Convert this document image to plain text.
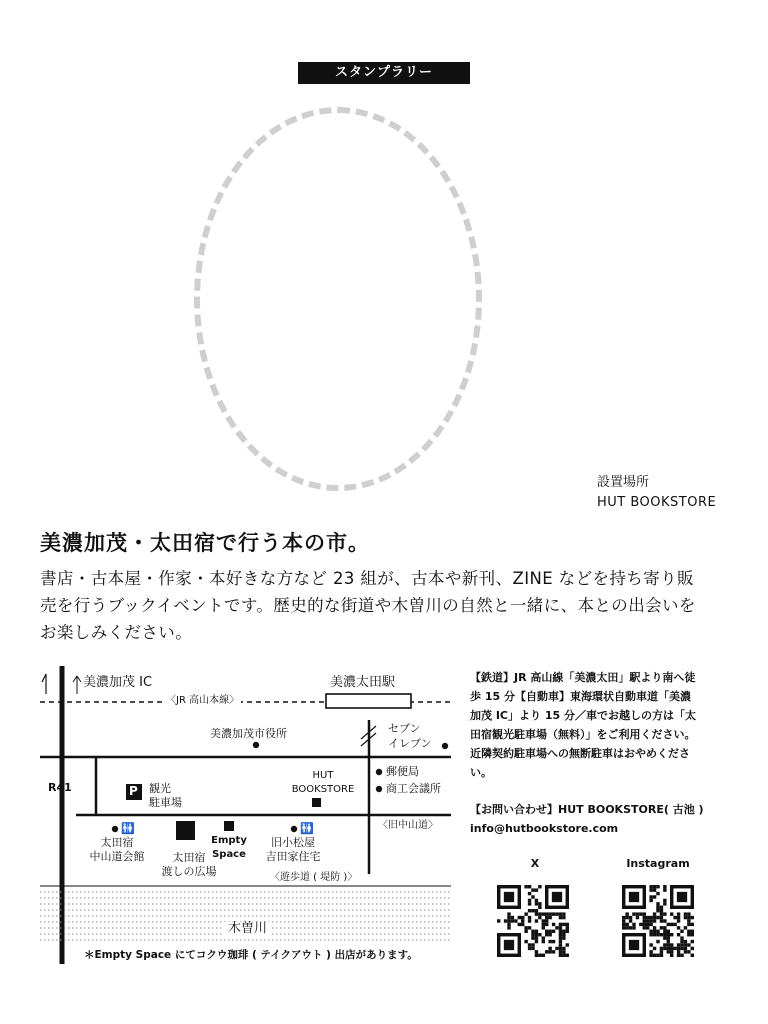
スタンプラリー
設置場所
HUT BOOKSTORE
美濃加茂・太田宿で行う本の市。

書店・古本屋・作家・本好きな方など 23 組が、古本や新刊、ZINE などを持ち寄り販

売を行うブックイベントです。歴史的な街道や木曽川の自然と一緒に、本との出会いを

お楽しみください。

美濃加茂 IC	美濃太田駅
〈JR 高山本線〉
美濃加茂市役所	セブン
イレブン
R41	P 観光
駐車場
HUT
BOOKSTORE
郵便局
商工会議所
〈旧中山道〉
🚻	🚻
太田宿
中山道会館	太田宿
渡しの広場
Empty
Space
旧小松屋
吉田家住宅
〈遊歩道 ( 堤防 )〉
木曽川
＊Empty Space にてコクウ珈琲 ( テイクアウト ) 出店があります。

【鉄道】JR 高山線「美濃太田」駅より南へ徒

歩 15 分【自動車】東海環状自動車道「美濃

加茂 IC」より 15 分／車でお越しの方は「太

田宿観光駐車場（無料）」をご利用ください。

近隣契約駐車場への無断駐車はおやめくださ

い。

【お問い合わせ】HUT BOOKSTORE( 古池 )

info@hutbookstore.com

X	Instagram
